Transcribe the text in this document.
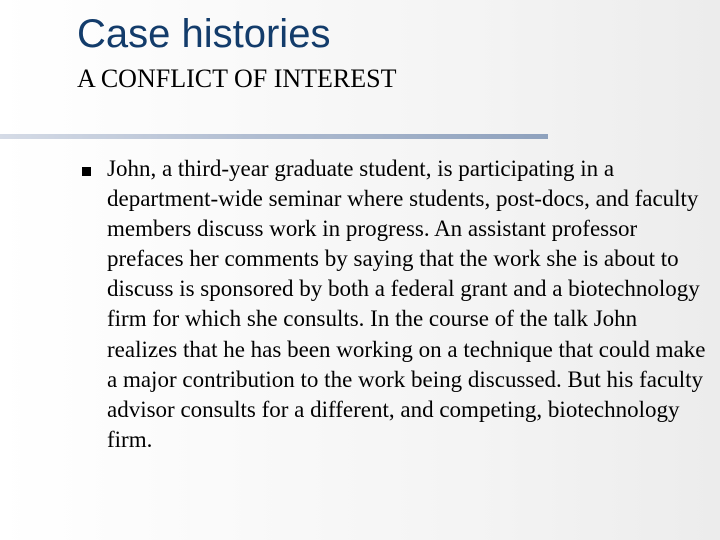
Case histories
A CONFLICT OF INTEREST
John, a third-year graduate student, is participating in a department-wide seminar where students, post-docs, and faculty members discuss work in progress. An assistant professor prefaces her comments by saying that the work she is about to discuss is sponsored by both a federal grant and a biotechnology firm for which she consults. In the course of the talk John realizes that he has been working on a technique that could make a major contribution to the work being discussed. But his faculty advisor consults for a different, and competing, biotechnology firm.
